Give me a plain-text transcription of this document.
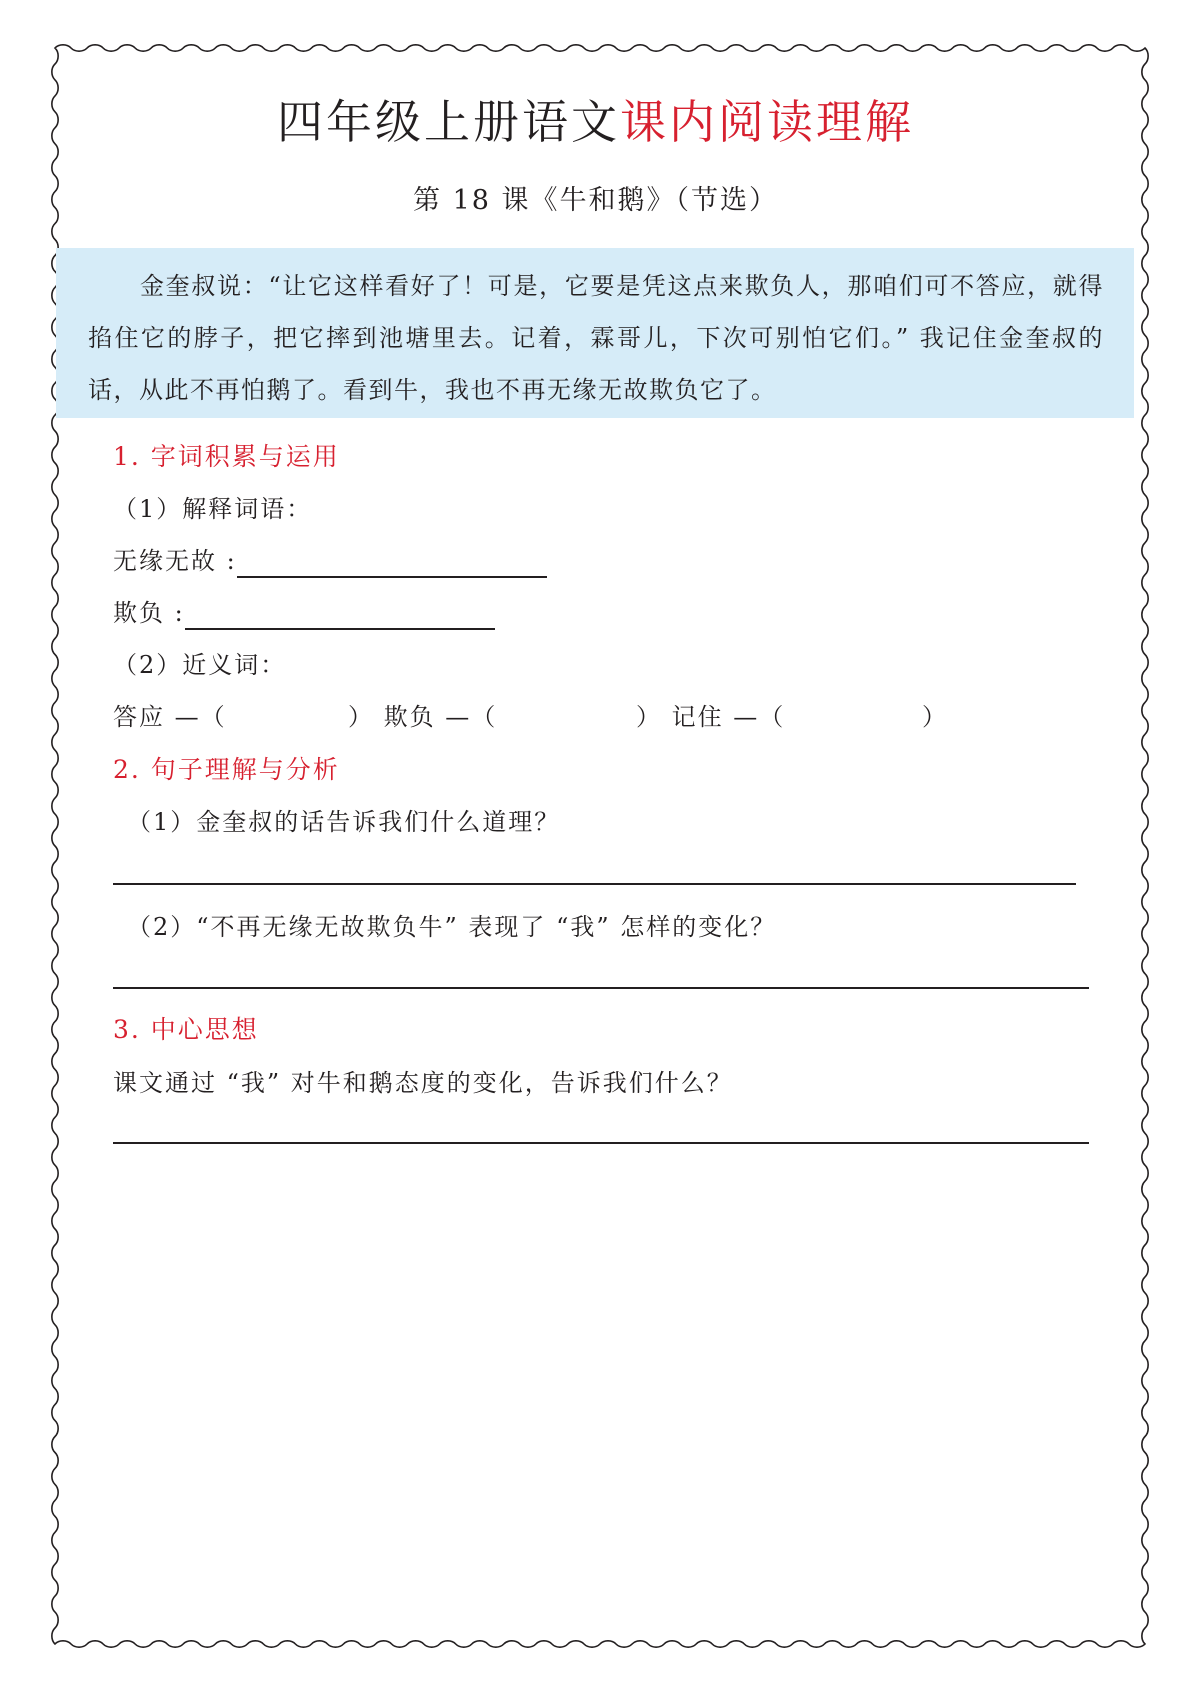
四年级上册语文课内阅读理解
第 18 课《牛和鹅》（节选）

金奎叔说：“让它这样看好了！可是，它要是凭这点来欺负人，那咱们可不答应，就得掐住它的脖子，把它摔到池塘里去。记着，霖哥儿，下次可别怕它们。” 我记住金奎叔的话，从此不再怕鹅了。看到牛，我也不再无缘无故欺负它了。

1. 字词积累与运用
（1）解释词语：
无缘无故 :
欺负 :
（2）近义词：
答应 —（	） 欺负 —（	） 记住 —（	）
2. 句子理解与分析
（1）金奎叔的话告诉我们什么道理？
（2）“不再无缘无故欺负牛” 表现了 “我” 怎样的变化？
3. 中心思想
课文通过 “我” 对牛和鹅态度的变化，告诉我们什么？
